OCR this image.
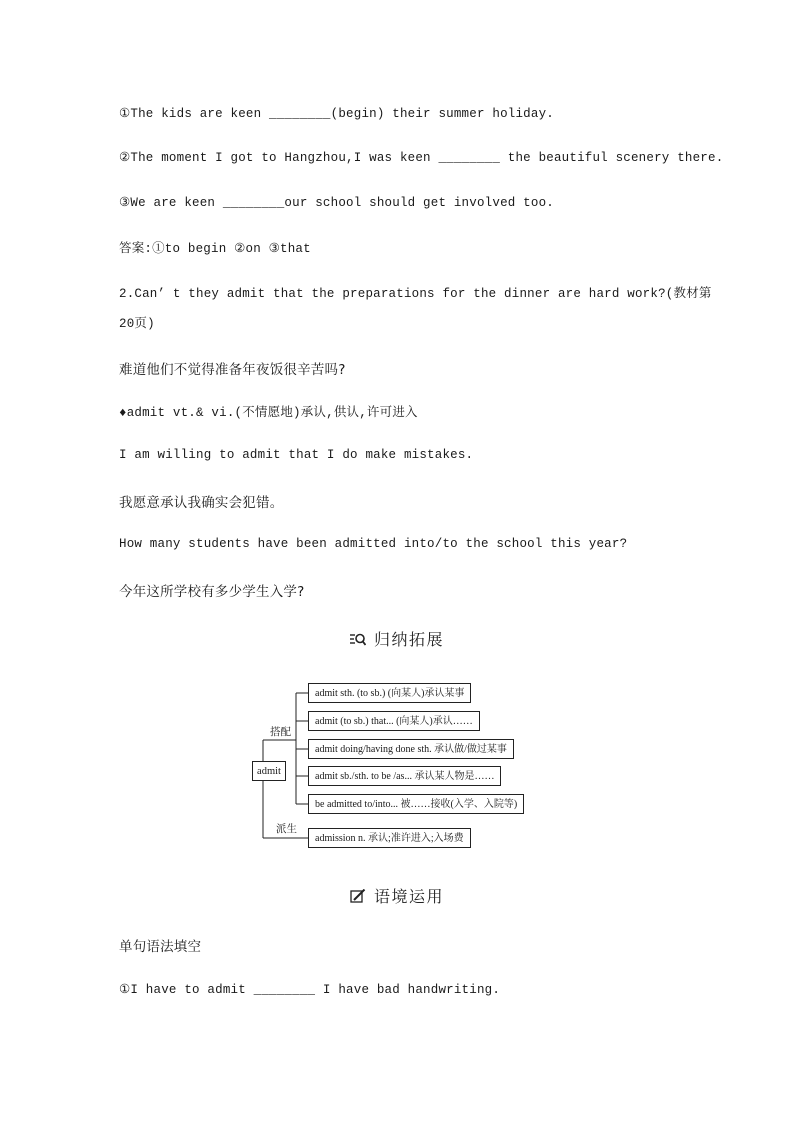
①The kids are keen ________(begin) their summer holiday.
②The moment I got to Hangzhou,I was keen ________ the beautiful scenery there.
③We are keen ________our school should get involved too.
答案:①to begin ②on ③that
2.Can’ t they admit that the preparations for the dinner are hard work?(教材第
20页)
难道他们不觉得准备年夜饭很辛苦吗?
♦admit vt.& vi.(不情愿地)承认,供认,许可进入
I am willing to admit that I do make mistakes.
我愿意承认我确实会犯错。
How many students have been admitted into/to the school this year?
今年这所学校有多少学生入学?
归纳拓展
admit
搭配
派生
admit sth. (to sb.) (向某人)承认某事
admit (to sb.) that... (向某人)承认……
admit doing/having done sth. 承认做/做过某事
admit sb./sth. to be /as... 承认某人物是……
be admitted to/into... 被……接收(入学、入院等)
admission n. 承认;准许进入;入场费
语境运用
单句语法填空
①I have to admit ________ I have bad handwriting.
